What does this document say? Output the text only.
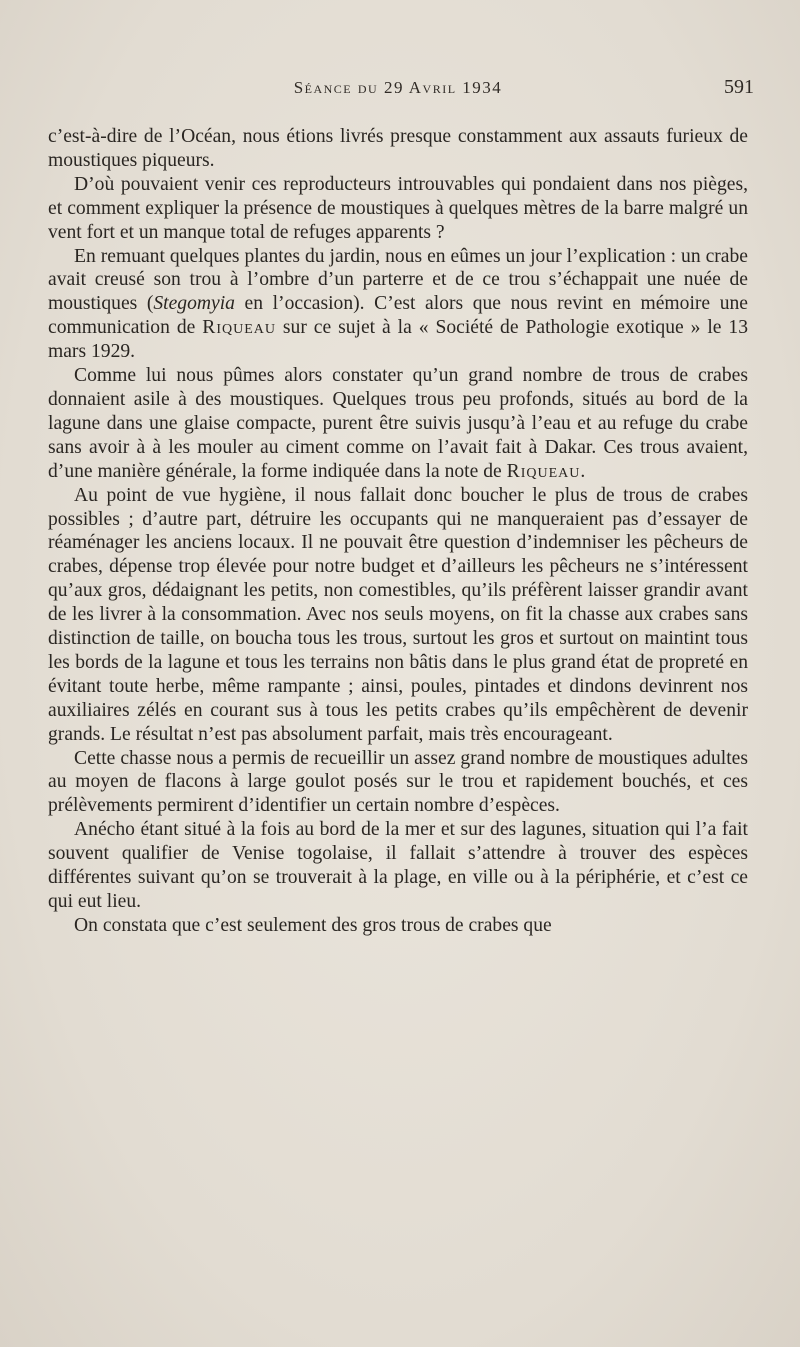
Séance du 29 Avril 1934	591

c’est-à-dire de l’Océan, nous étions livrés presque constamment aux assauts furieux de moustiques piqueurs.

D’où pouvaient venir ces reproducteurs introuvables qui pondaient dans nos pièges, et comment expliquer la présence de moustiques à quelques mètres de la barre malgré un vent fort et un manque total de refuges apparents ?

En remuant quelques plantes du jardin, nous en eûmes un jour l’explication : un crabe avait creusé son trou à l’ombre d’un parterre et de ce trou s’échappait une nuée de moustiques (Stegomyia en l’occasion). C’est alors que nous revint en mémoire une communication de Riqueau sur ce sujet à la « Société de Pathologie exotique » le 13 mars 1929.

Comme lui nous pûmes alors constater qu’un grand nombre de trous de crabes donnaient asile à des moustiques. Quelques trous peu profonds, situés au bord de la lagune dans une glaise compacte, purent être suivis jusqu’à l’eau et au refuge du crabe sans avoir à à les mouler au ciment comme on l’avait fait à Dakar. Ces trous avaient, d’une manière générale, la forme indiquée dans la note de Riqueau.

Au point de vue hygiène, il nous fallait donc boucher le plus de trous de crabes possibles ; d’autre part, détruire les occupants qui ne manqueraient pas d’essayer de réaménager les anciens locaux. Il ne pouvait être question d’indemniser les pêcheurs de crabes, dépense trop élevée pour notre budget et d’ailleurs les pêcheurs ne s’intéressent qu’aux gros, dédaignant les petits, non comestibles, qu’ils préfèrent laisser grandir avant de les livrer à la consommation. Avec nos seuls moyens, on fit la chasse aux crabes sans distinction de taille, on boucha tous les trous, surtout les gros et surtout on maintint tous les bords de la lagune et tous les terrains non bâtis dans le plus grand état de propreté en évitant toute herbe, même rampante ; ainsi, poules, pintades et dindons devinrent nos auxiliaires zélés en courant sus à tous les petits crabes qu’ils empêchèrent de devenir grands. Le résultat n’est pas absolument parfait, mais très encourageant.

Cette chasse nous a permis de recueillir un assez grand nombre de moustiques adultes au moyen de flacons à large goulot posés sur le trou et rapidement bouchés, et ces prélèvements permirent d’identifier un certain nombre d’espèces.

Anécho étant situé à la fois au bord de la mer et sur des lagunes, situation qui l’a fait souvent qualifier de Venise togolaise, il fallait s’attendre à trouver des espèces différentes suivant qu’on se trouverait à la plage, en ville ou à la périphérie, et c’est ce qui eut lieu.

On constata que c’est seulement des gros trous de crabes que
